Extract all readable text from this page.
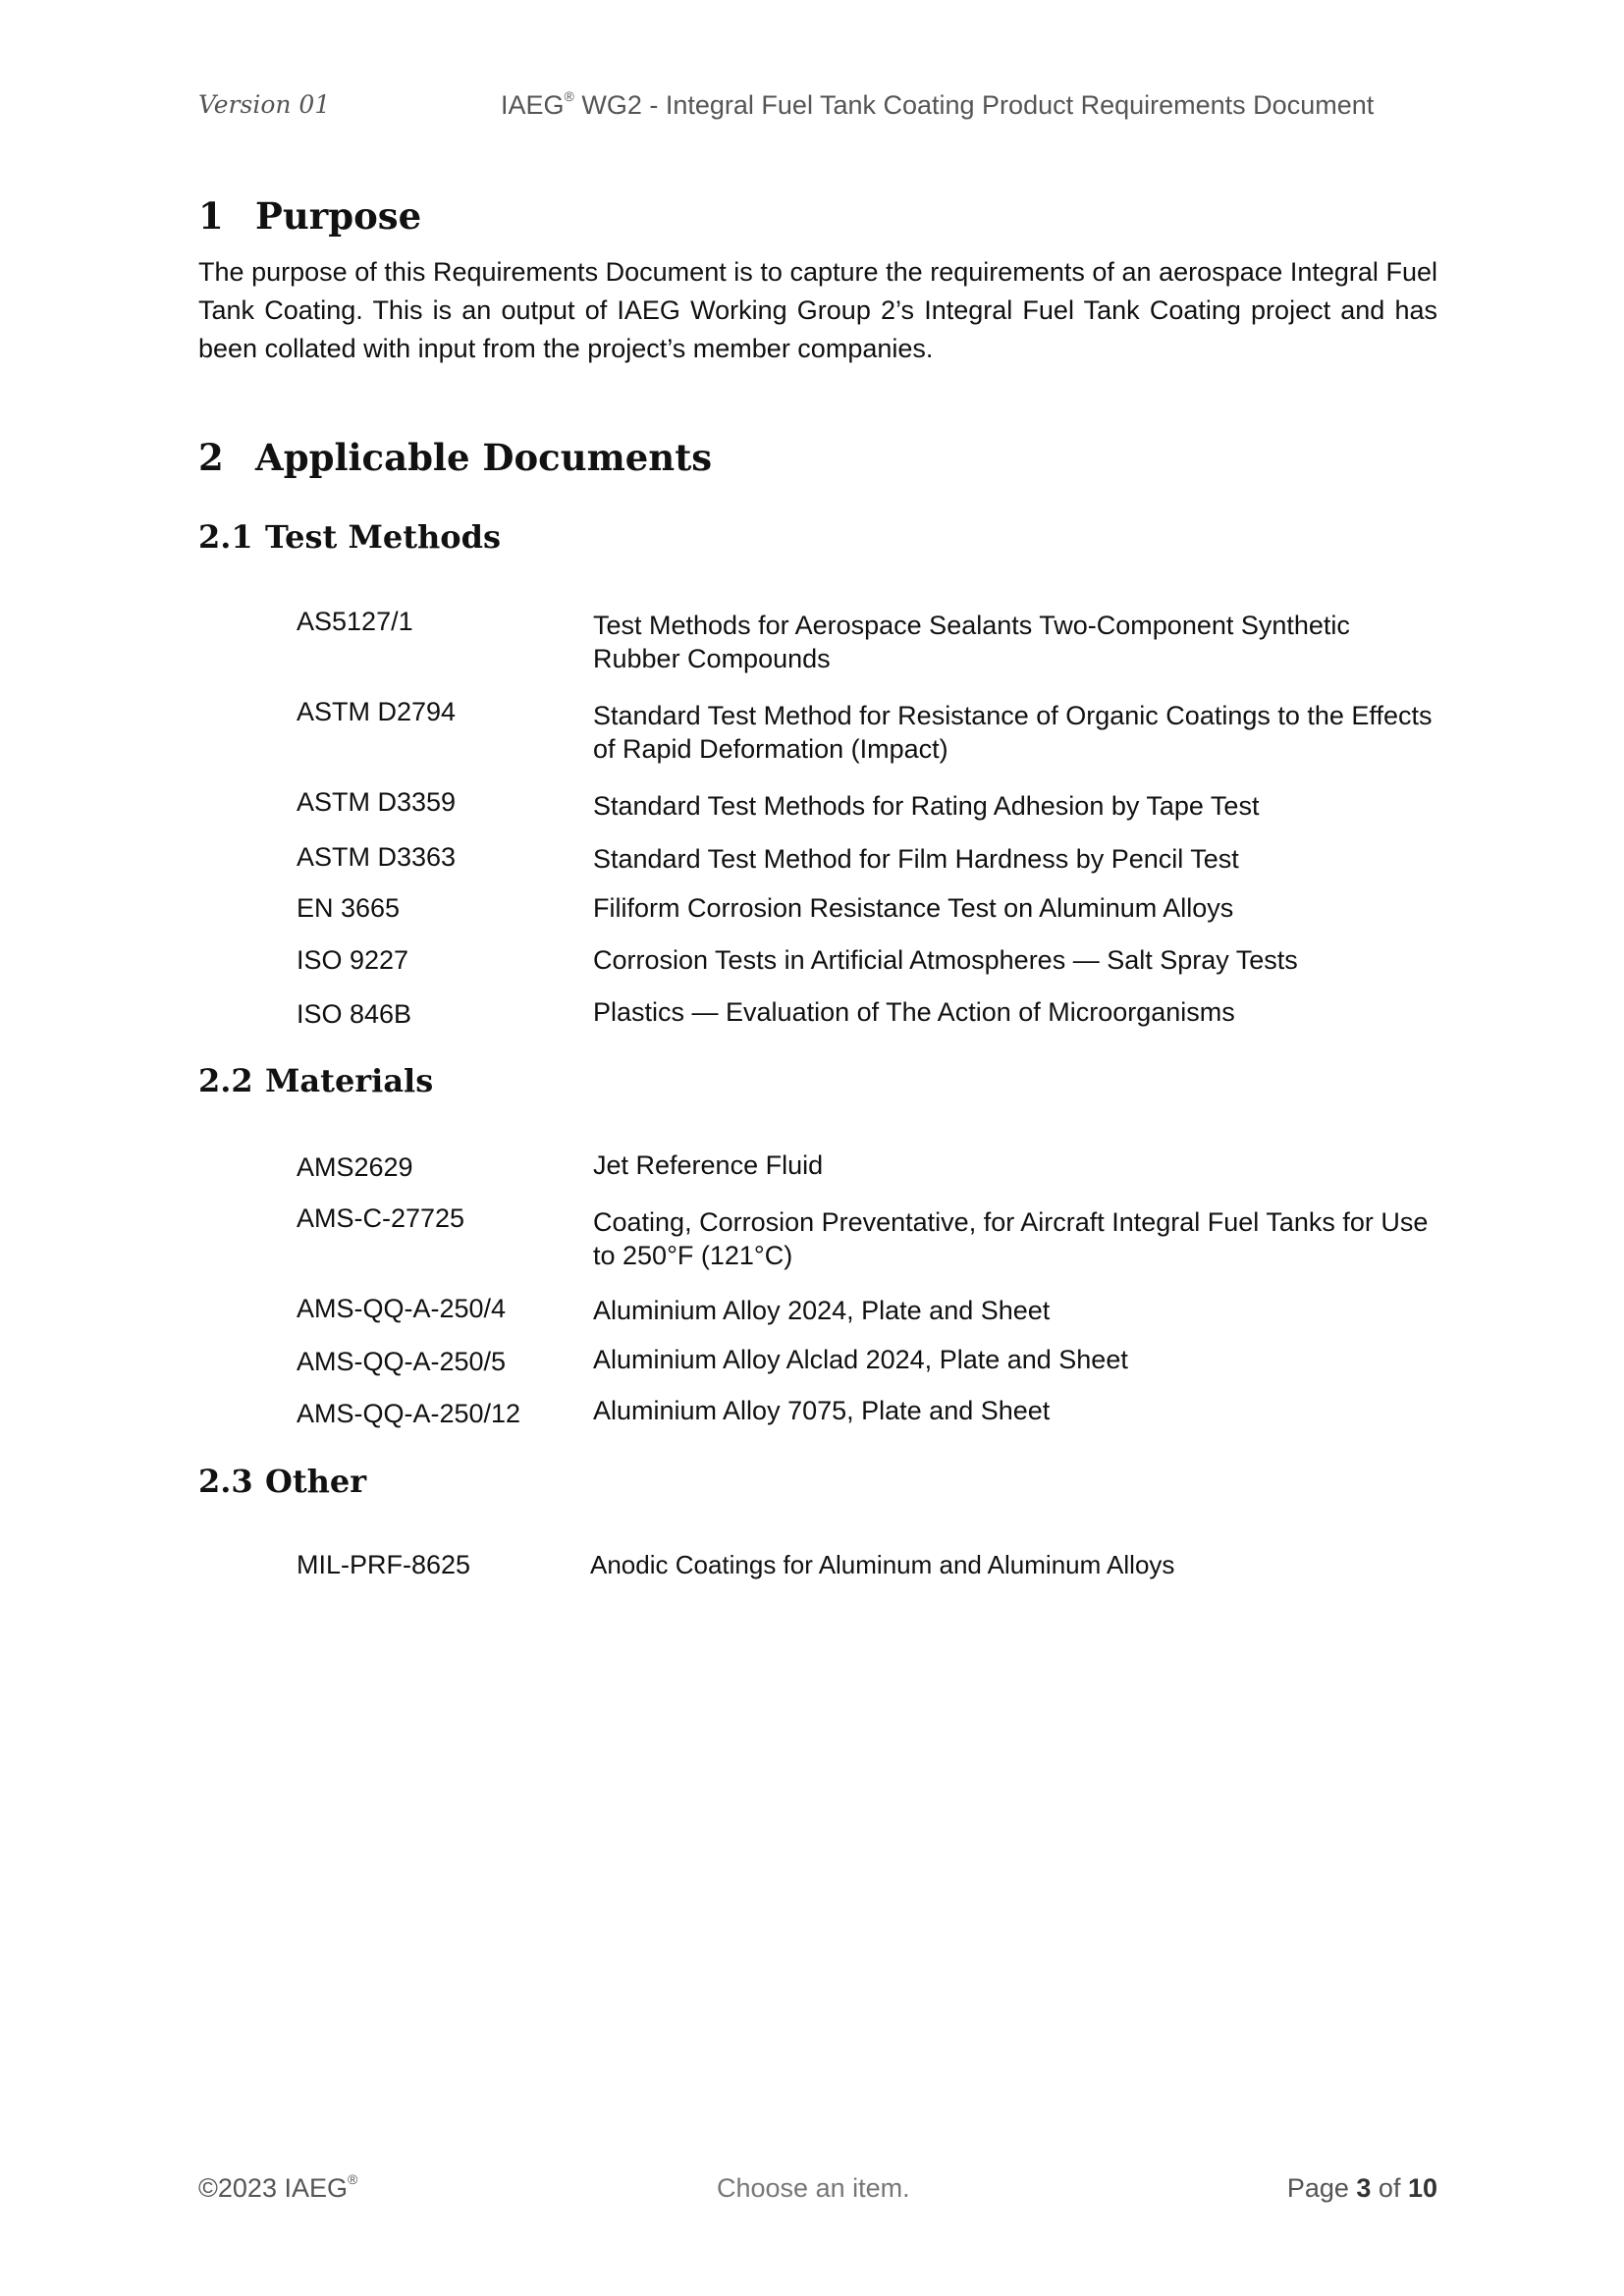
Version 01	IAEG® WG2 - Integral Fuel Tank Coating Product Requirements Document
1 Purpose
The purpose of this Requirements Document is to capture the requirements of an aerospace Integral Fuel Tank Coating. This is an output of IAEG Working Group 2’s Integral Fuel Tank Coating project and has been collated with input from the project’s member companies.
2 Applicable Documents
2.1 Test Methods
AS5127/1	Test Methods for Aerospace Sealants Two-Component Synthetic Rubber Compounds
ASTM D2794	Standard Test Method for Resistance of Organic Coatings to the Effects of Rapid Deformation (Impact)
ASTM D3359	Standard Test Methods for Rating Adhesion by Tape Test
ASTM D3363	Standard Test Method for Film Hardness by Pencil Test
EN 3665	Filiform Corrosion Resistance Test on Aluminum Alloys
ISO 9227	Corrosion Tests in Artificial Atmospheres — Salt Spray Tests
ISO 846B	Plastics — Evaluation of The Action of Microorganisms
2.2 Materials
AMS2629	Jet Reference Fluid
AMS-C-27725	Coating, Corrosion Preventative, for Aircraft Integral Fuel Tanks for Use to 250°F (121°C)
AMS-QQ-A-250/4	Aluminium Alloy 2024, Plate and Sheet
AMS-QQ-A-250/5	Aluminium Alloy Alclad 2024, Plate and Sheet
AMS-QQ-A-250/12	Aluminium Alloy 7075, Plate and Sheet
2.3 Other
MIL-PRF-8625	Anodic Coatings for Aluminum and Aluminum Alloys
©2023 IAEG®	Choose an item.	Page 3 of 10
